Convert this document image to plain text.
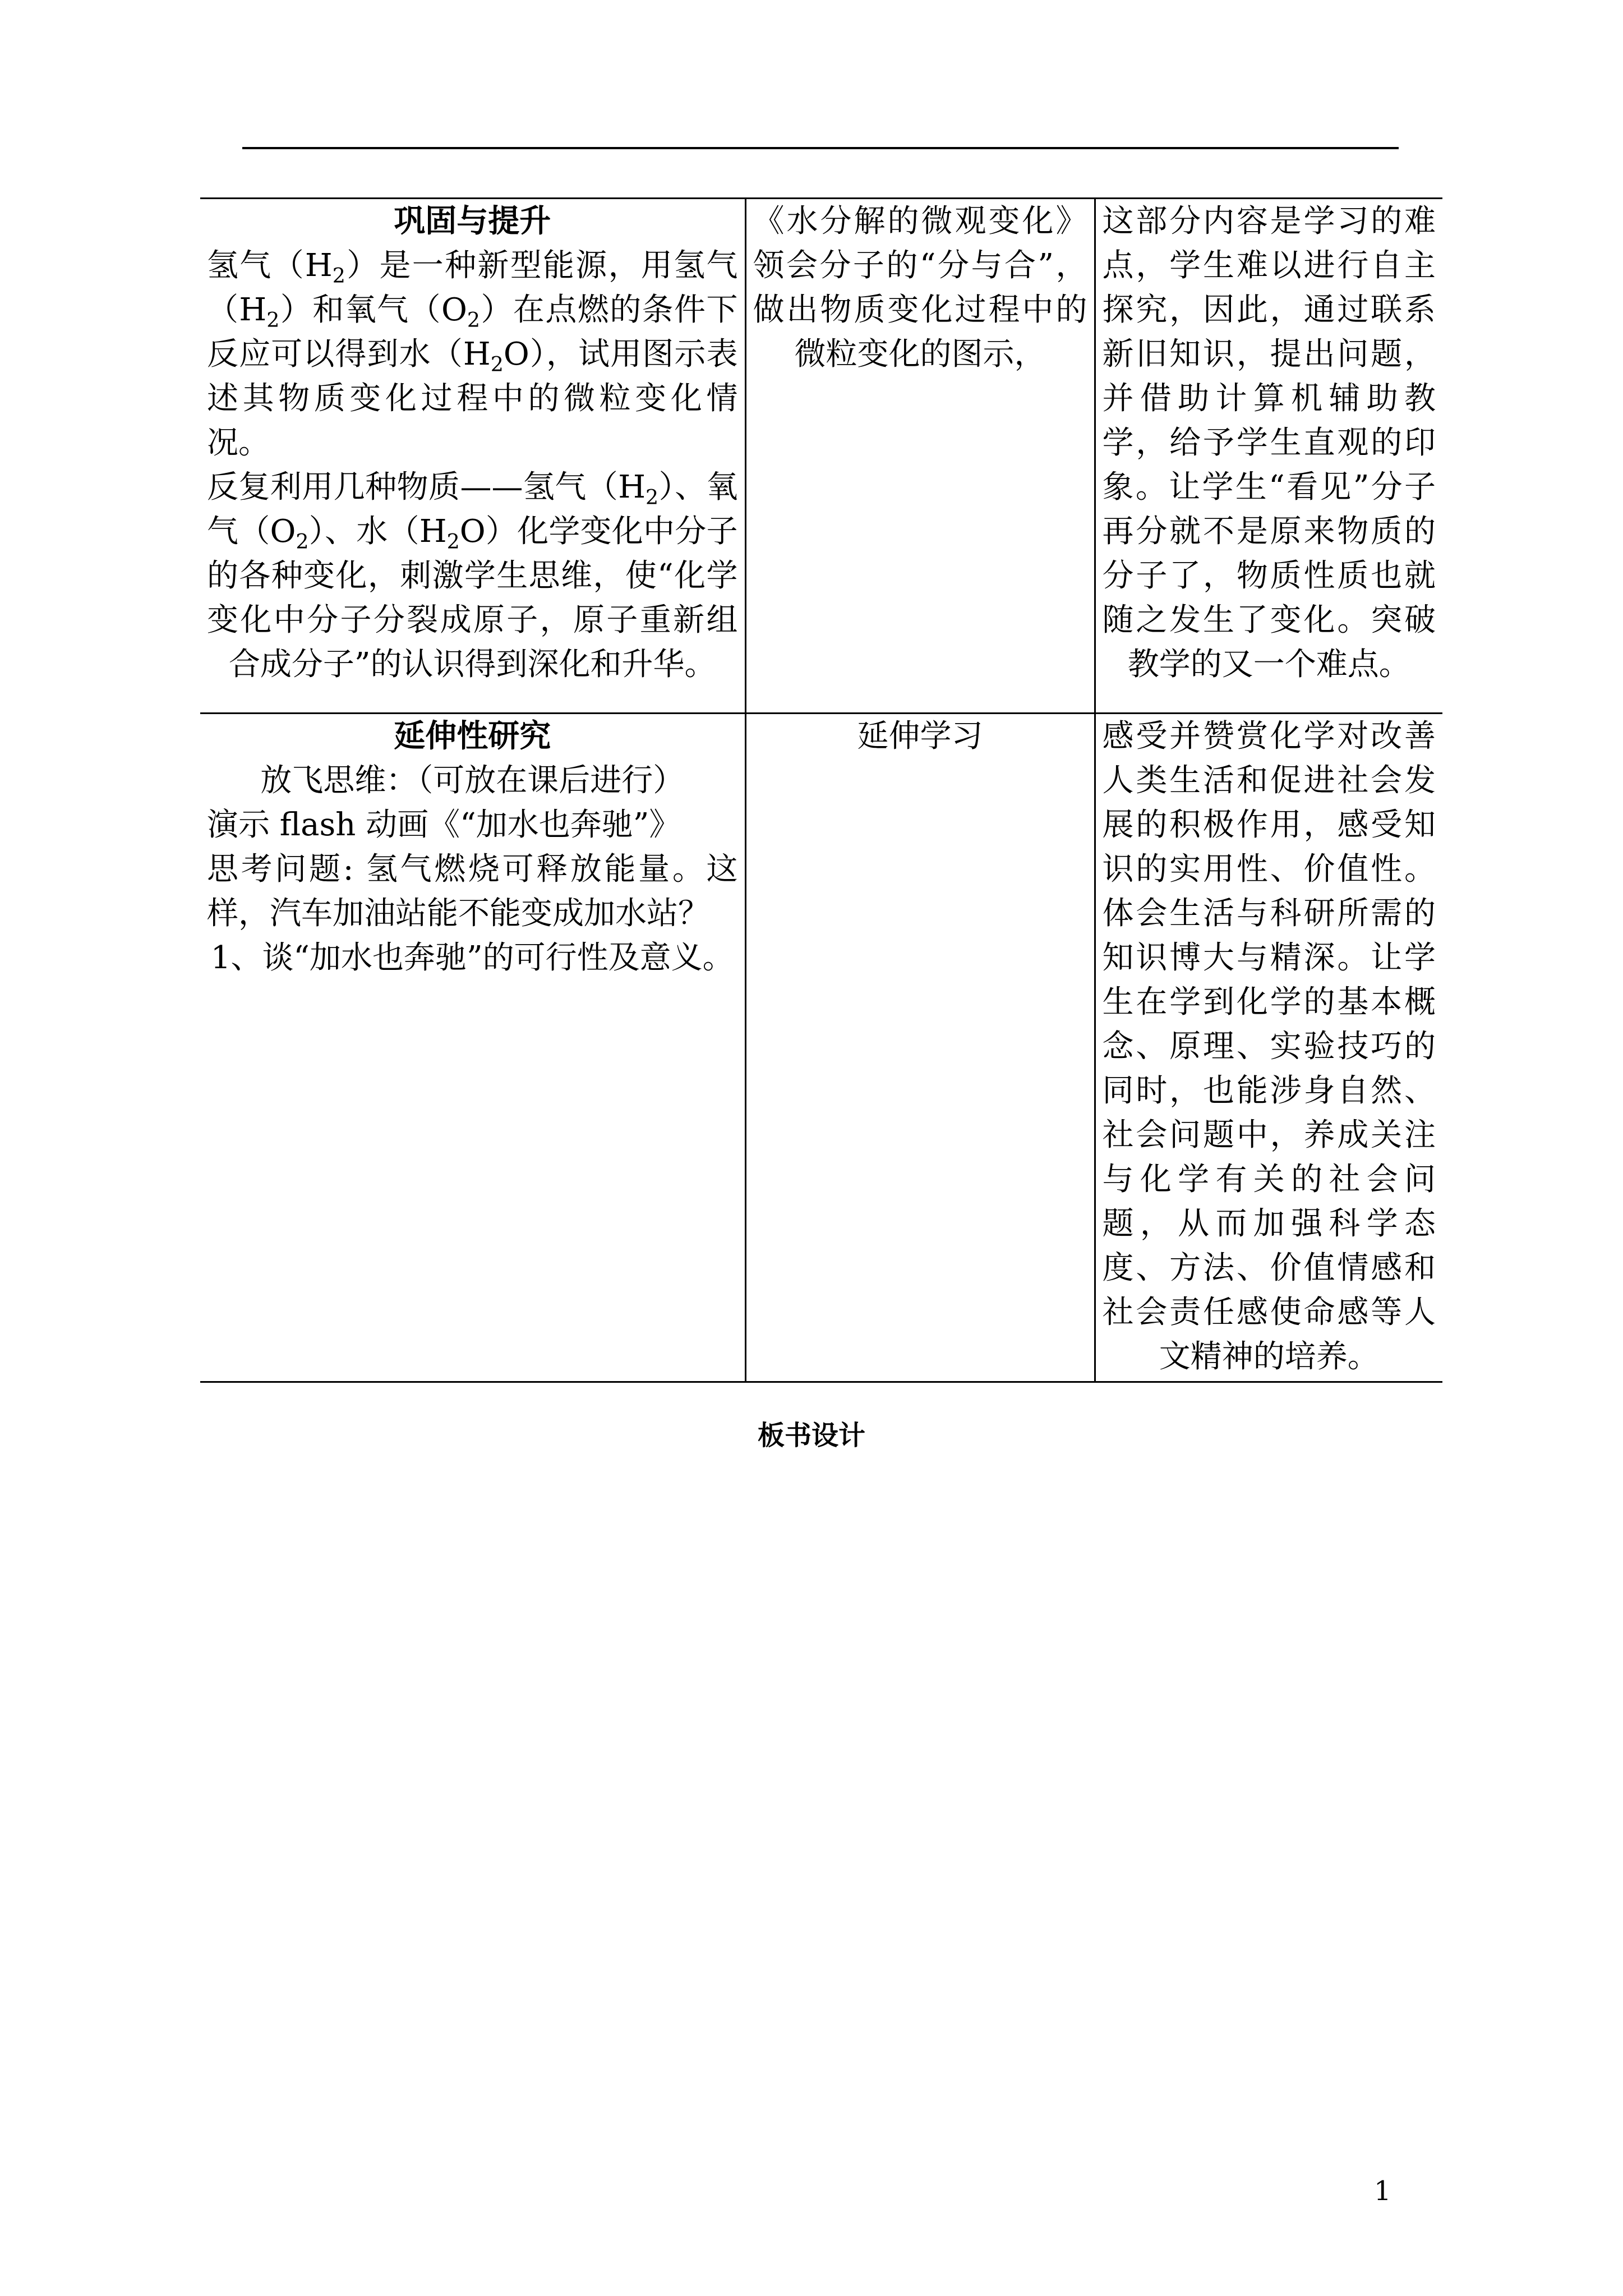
巩固与提升
氢气$(H_2)$是一种新型能源，用氢气$(H_2)$和氧气$(O_2)$在点燃的条件下反应可以得到水$(H_2O)$，试用图示表述其物质变化过程中的微粒变化情况。
反复利用几种物质——氢气$(H_2)$、氧气$(O_2)$、水$(H_2O)$化学变化中分子的各种变化，刺激学生思维，使“化学变化中分子分裂成原子，原子重新组合成分子”的认识得到深化和升华。	《水分解的微观变化》领会分子的“分与合”，做出物质变化过程中的微粒变化的图示，	这部分内容是学习的难点，学生难以进行自主探究，因此，通过联系新旧知识，提出问题，并借助计算机辅助教学，给予学生直观的印象。让学生“看见”分子再分就不是原来物质的分子了，物质性质也就随之发生了变化。突破教学的又一个难点。

延伸性研究
放飞思维：（可放在课后进行）
演示 flash 动画《“加水也奔驰”》
思考问题: 氢气燃烧可释放能量。这样，汽车加油站能不能变成加水站？
1、谈“加水也奔驰”的可行性及意义。	延伸学习	感受并赞赏化学对改善人类生活和促进社会发展的积极作用，感受知识的实用性、价值性。体会生活与科研所需的知识博大与精深。让学生在学到化学的基本概念、原理、实验技巧的同时，也能涉身自然、社会问题中，养成关注与化学有关的社会问题，从而加强科学态度、方法、价值情感和社会责任感使命感等人文精神的培养。
板书设计
1
